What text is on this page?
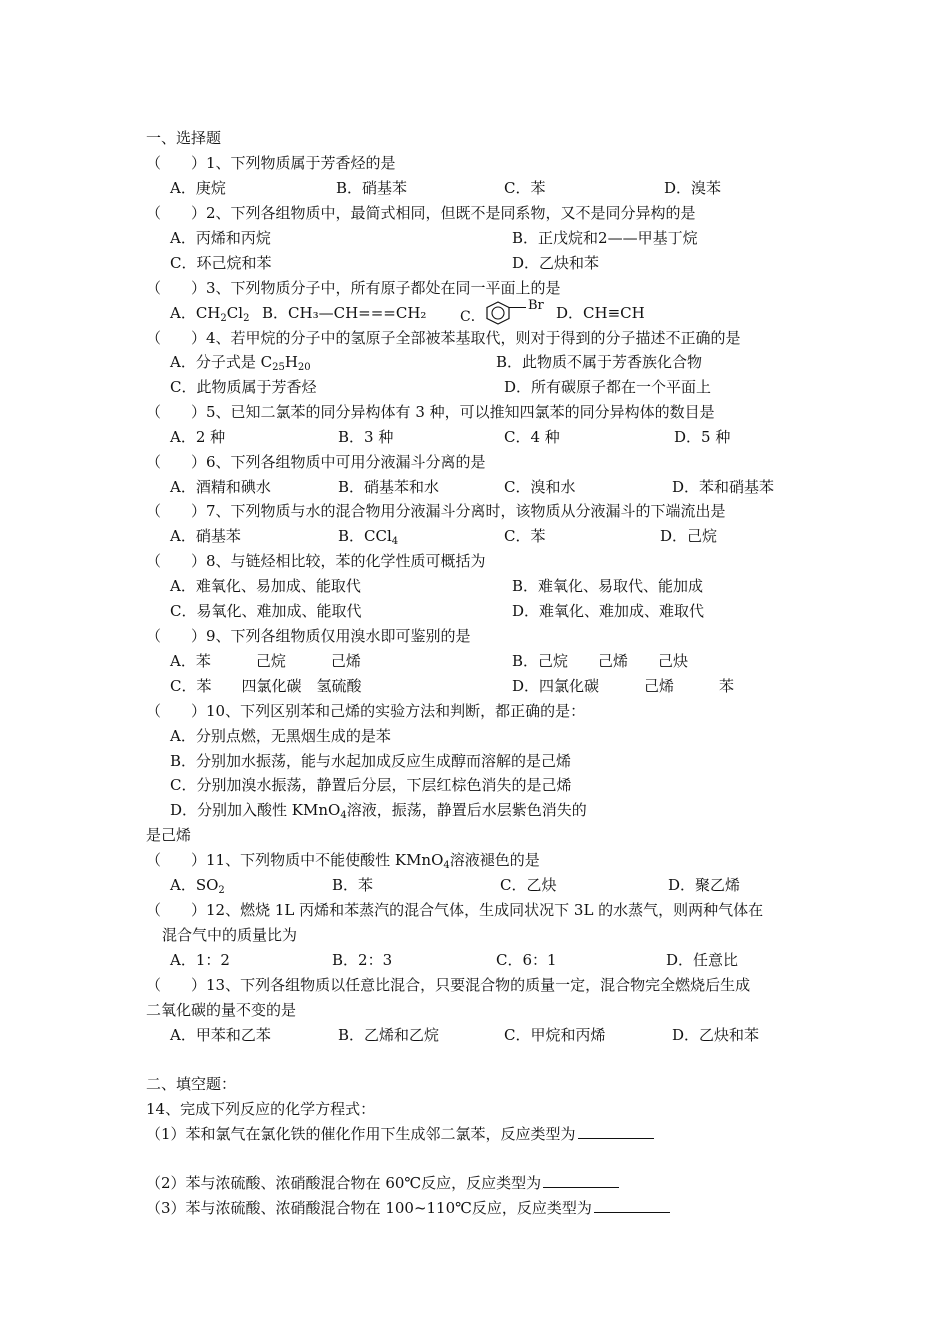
一、选择题
（　　）1、下列物质属于芳香烃的是
A．庚烷	B．硝基苯	C．苯	D．溴苯
（　　）2、下列各组物质中，最简式相同，但既不是同系物，又不是同分异构的是
A．丙烯和丙烷	B．正戊烷和2——甲基丁烷
C．环己烷和苯	D．乙炔和苯
（　　）3、下列物质分子中，所有原子都处在同一平面上的是
A．$CH_2Cl_2$ B．CH₃—CH===CH₂ C．
Br D．CH≡CH
（　　）4、若甲烷的分子中的氢原子全部被苯基取代，则对于得到的分子描述不正确的是
A．分子式是 $C_{25}H_{20}$	B．此物质不属于芳香族化合物
C．此物质属于芳香烃	D．所有碳原子都在一个平面上
（　　）5、已知二氯苯的同分异构体有 3 种，可以推知四氯苯的同分异构体的数目是
A．2 种	B．3 种	C．4 种	D．5 种
（　　）6、下列各组物质中可用分液漏斗分离的是
A．酒精和碘水	B．硝基苯和水	C．溴和水	D．苯和硝基苯
（　　）7、下列物质与水的混合物用分液漏斗分离时，该物质从分液漏斗的下端流出是
A．硝基苯	B．CCl$_4$	C．苯	D．己烷
（　　）8、与链烃相比较，苯的化学性质可概括为
A．难氧化、易加成、能取代	B．难氧化、易取代、能加成
C．易氧化、难加成、能取代	D．难氧化、难加成、难取代
（　　）9、下列各组物质仅用溴水即可鉴别的是
A．苯　　　己烷　　　己烯	B．己烷　　己烯　　己炔
C．苯　　四氯化碳　氢硫酸	D．四氯化碳　　　己烯　　　苯
（　　）10、下列区别苯和己烯的实验方法和判断，都正确的是：
A．分别点燃，无黑烟生成的是苯
B．分别加水振荡，能与水起加成反应生成醇而溶解的是己烯
C．分别加溴水振荡，静置后分层，下层红棕色消失的是己烯
D．分别加入酸性 KMnO$_4$溶液，振荡，静置后水层紫色消失的
是己烯
（　　）11、下列物质中不能使酸性 KMnO$_4$溶液褪色的是
A．$SO_2$	B．苯	C．乙炔	D．聚乙烯
（　　）12、燃烧 1L 丙烯和苯蒸汽的混合气体，生成同状况下 3L 的水蒸气，则两种气体在
混合气中的质量比为
A．1：2	B．2：3	C．6：1	D．任意比
（　　）13、下列各组物质以任意比混合，只要混合物的质量一定，混合物完全燃烧后生成
二氧化碳的量不变的是
A．甲苯和乙苯	B．乙烯和乙烷	C．甲烷和丙烯	D．乙炔和苯
二、填空题：
14、完成下列反应的化学方程式：
（1）苯和氯气在氯化铁的催化作用下生成邻二氯苯，反应类型为
（2）苯与浓硫酸、浓硝酸混合物在 60℃反应，反应类型为
（3）苯与浓硫酸、浓硝酸混合物在 100~110℃反应，反应类型为
